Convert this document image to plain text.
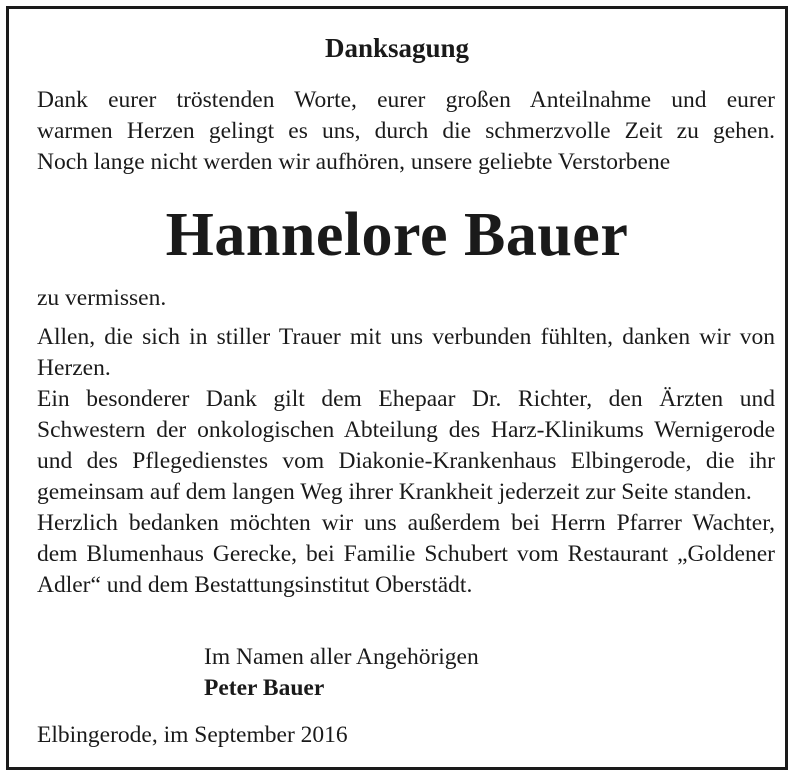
Danksagung
Dank eurer tröstenden Worte, eurer großen Anteilnahme und eurer
warmen Herzen gelingt es uns, durch die schmerzvolle Zeit zu gehen.
Noch lange nicht werden wir aufhören, unsere geliebte Verstorbene
Hannelore Bauer
zu vermissen.

Allen, die sich in stiller Trauer mit uns verbunden fühlten, danken wir von Herzen.

Ein besonderer Dank gilt dem Ehepaar Dr. Richter, den Ärzten und Schwestern der onkologischen Abteilung des Harz-Klinikums Wernigerode und des Pflegedienstes vom Diakonie-Krankenhaus Elbingerode, die ihr gemeinsam auf dem langen Weg ihrer Krankheit jederzeit zur Seite standen.

Herzlich bedanken möchten wir uns außerdem bei Herrn Pfarrer Wachter, dem Blumenhaus Gerecke, bei Familie Schubert vom Restaurant „Goldener Adler“ und dem Bestattungsinstitut Oberstädt.

Im Namen aller Angehörigen
Peter Bauer
Elbingerode, im September 2016
